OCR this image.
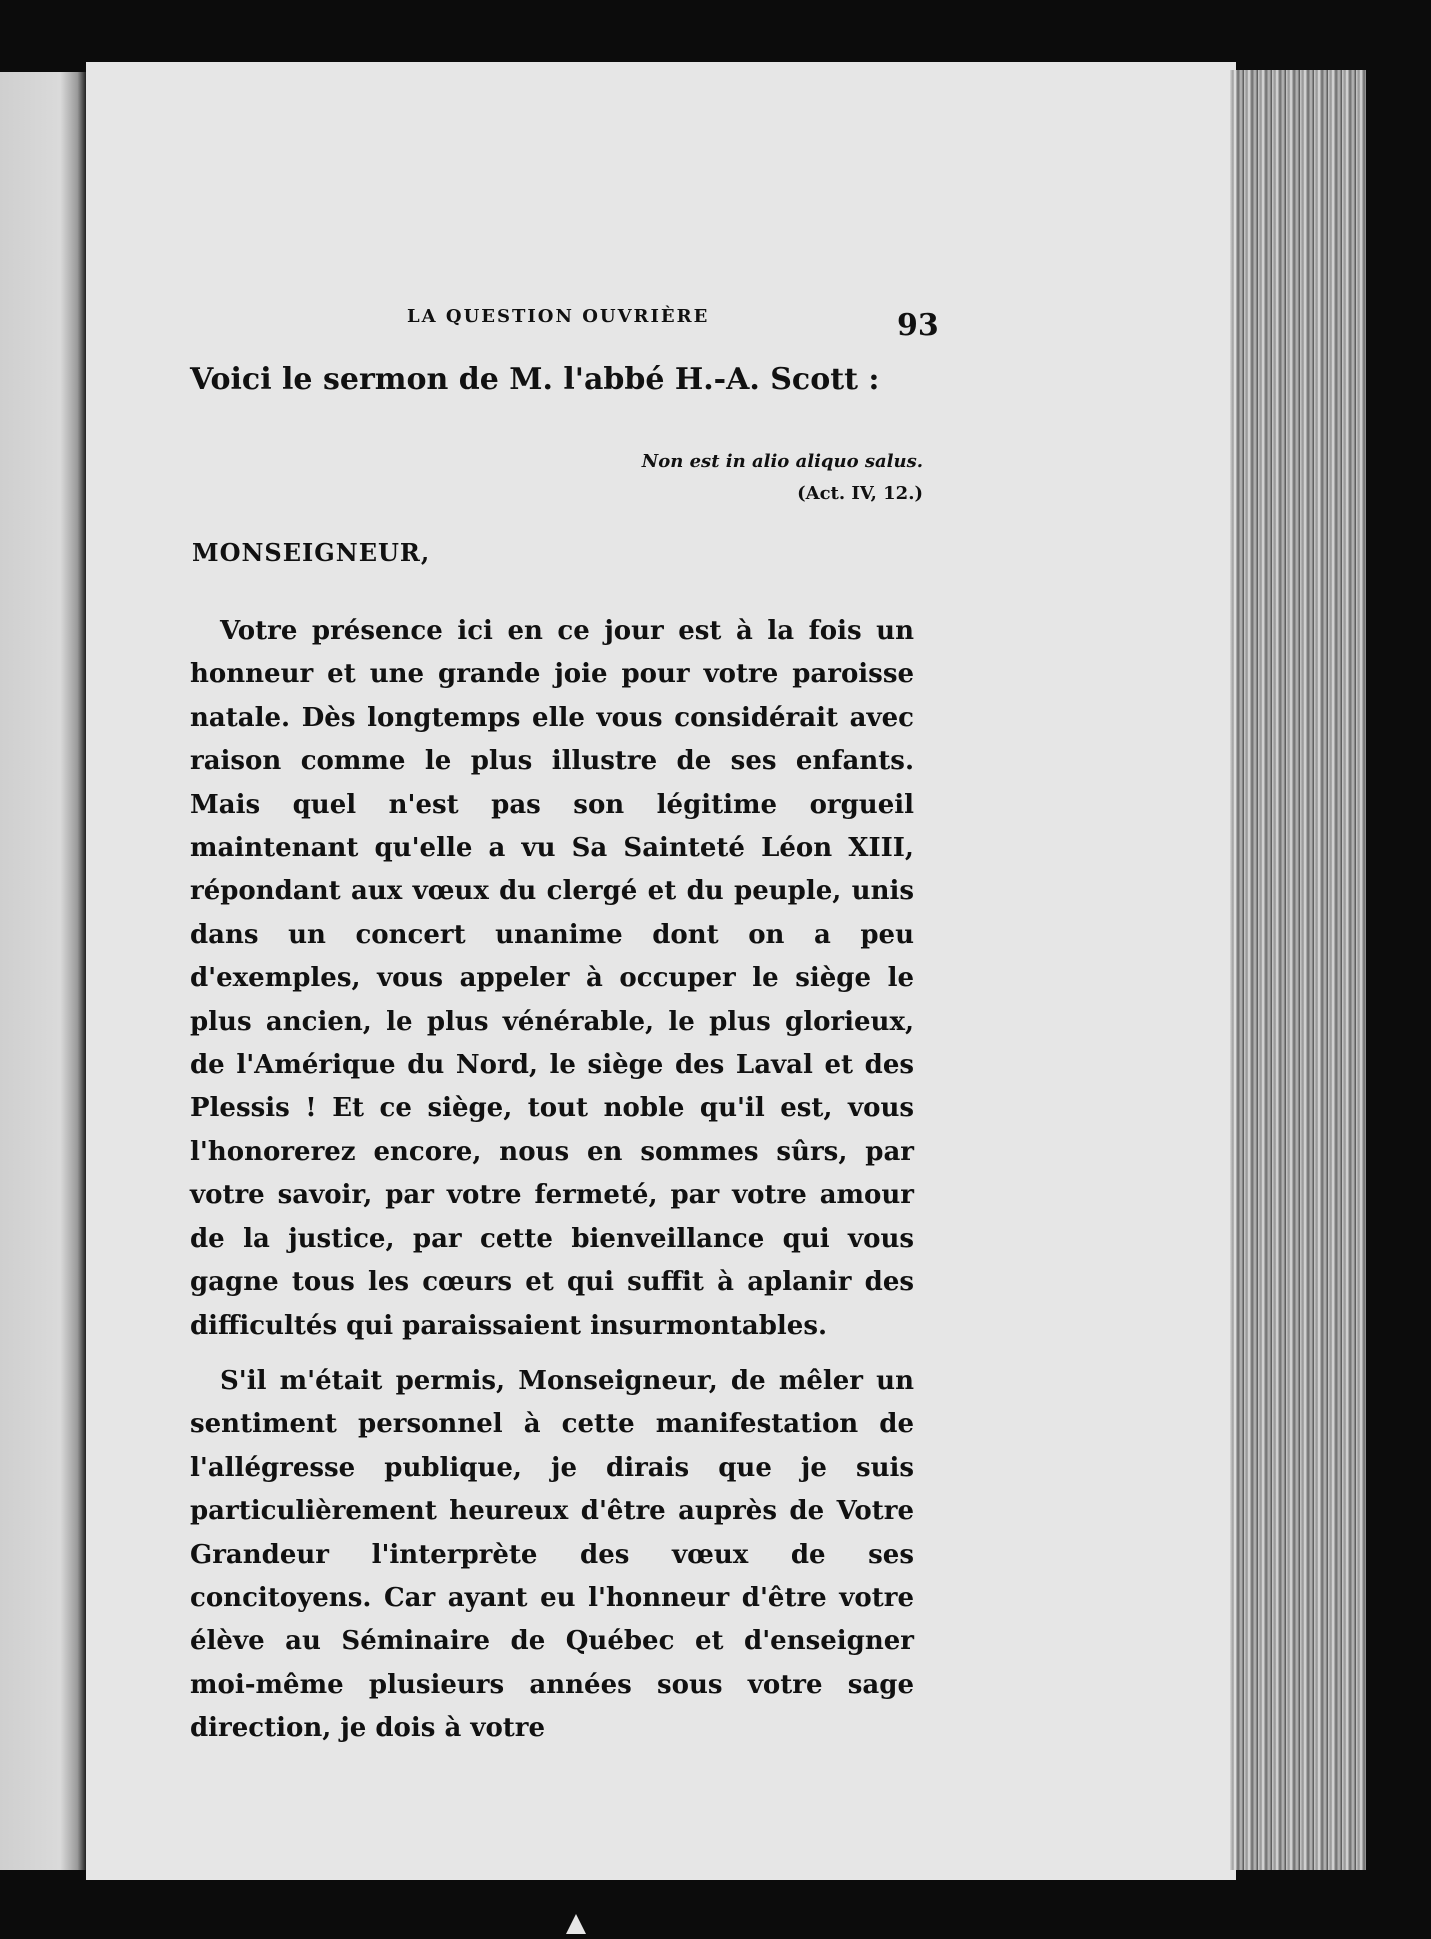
LA QUESTION OUVRIÈRE	93
Voici le sermon de M. l'abbé H.-A. Scott :
Non est in alio aliquo salus.
(Act. IV, 12.)
MONSEIGNEUR,

Votre présence ici en ce jour est à la fois un honneur et une grande joie pour votre paroisse natale. Dès longtemps elle vous considérait avec raison comme le plus illustre de ses enfants. Mais quel n'est pas son légitime orgueil maintenant qu'elle a vu Sa Sainteté Léon XIII, répondant aux vœux du clergé et du peuple, unis dans un concert unanime dont on a peu d'exemples, vous appeler à occuper le siège le plus ancien, le plus vénérable, le plus glorieux, de l'Amérique du Nord, le siège des Laval et des Plessis ! Et ce siège, tout noble qu'il est, vous l'honorerez encore, nous en sommes sûrs, par votre savoir, par votre fermeté, par votre amour de la justice, par cette bienveillance qui vous gagne tous les cœurs et qui suffit à aplanir des difficultés qui paraissaient insurmontables.

S'il m'était permis, Monseigneur, de mêler un sentiment personnel à cette manifestation de l'allégresse publique, je dirais que je suis particulièrement heureux d'être auprès de Votre Grandeur l'interprète des vœux de ses concitoyens. Car ayant eu l'honneur d'être votre élève au Séminaire de Québec et d'enseigner moi-même plusieurs années sous votre sage direction, je dois à votre
